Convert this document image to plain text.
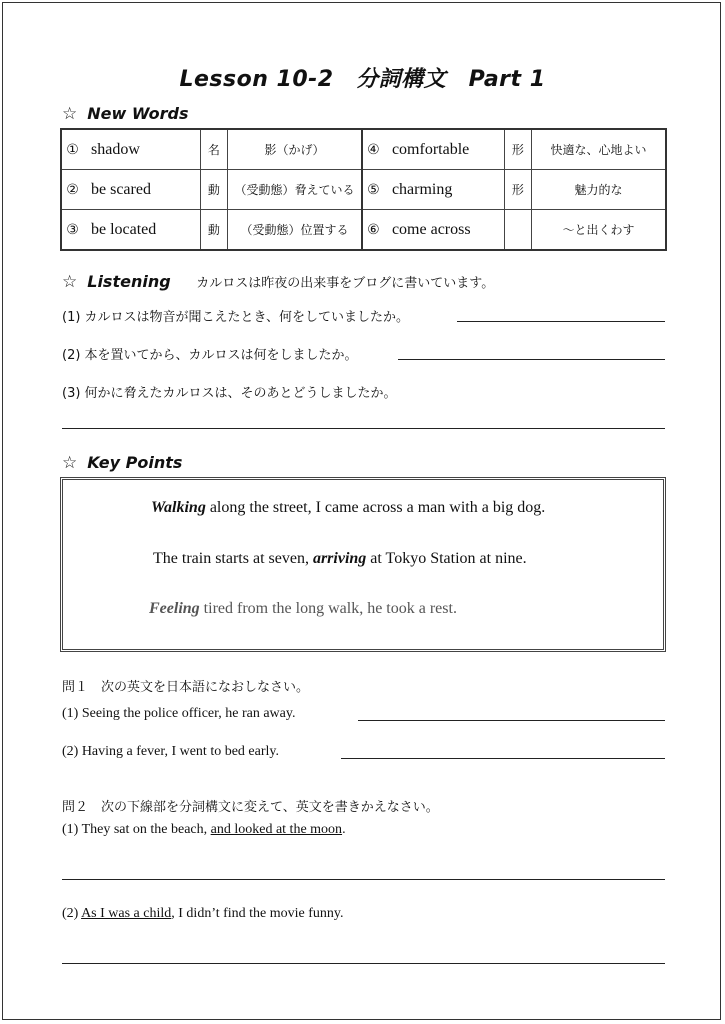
Lesson 10-2　分詞構文　Part 1
☆ New Words
①	shadow	名	影（かげ）	④	comfortable	形	快適な、心地よい
②	be scared	動	（受動態）脅えている	⑤	charming	形	魅力的な
③	be located	動	（受動態）位置する	⑥	come across		～と出くわす
☆ Listening カルロスは昨夜の出来事をブログに書いています。
(1) カルロスは物音が聞こえたとき、何をしていましたか。
(2) 本を置いてから、カルロスは何をしましたか。
(3) 何かに脅えたカルロスは、そのあとどうしましたか。
☆ Key Points
Walking along the street, I came across a man with a big dog.
The train starts at seven, arriving at Tokyo Station at nine.
Feeling tired from the long walk, he took a rest.
問１　次の英文を日本語になおしなさい。
(1) Seeing the police officer, he ran away.
(2) Having a fever, I went to bed early.
問２　次の下線部を分詞構文に変えて、英文を書きかえなさい。
(1) They sat on the beach, and looked at the moon.
(2) As I was a child, I didn’t find the movie funny.
